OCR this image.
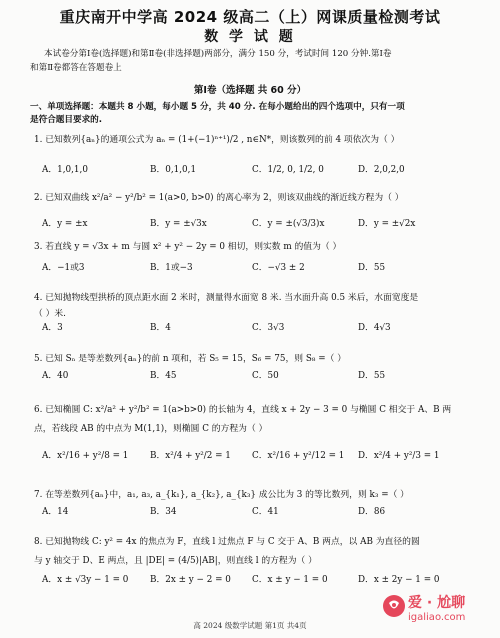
重庆南开中学高 2024 级高二（上）网课质量检测考试
数 学 试 题
本试卷分第Ⅰ卷(选择题)和第Ⅱ卷(非选择题)两部分，满分 150 分，考试时间 120 分钟.第Ⅰ卷
和第Ⅱ卷都答在答题卷上
第Ⅰ卷（选择题 共 60 分）
一、单项选择题：本题共 8 小题，每小题 5 分，共 40 分. 在每小题给出的四个选项中，只有一项
是符合题目要求的.
1. 已知数列{aₙ}的通项公式为 aₙ = (1+(−1)ⁿ⁺¹)/2 , n∈N*，则该数列的前 4 项依次为（ ）
A．1,0,1,0	B．0,1,0,1	C．1/2, 0, 1/2, 0	D．2,0,2,0
2. 已知双曲线 x²/a² − y²/b² = 1(a>0, b>0) 的离心率为 2，则该双曲线的渐近线方程为（ ）
A．y = ±x	B．y = ±√3x	C．y = ±(√3/3)x	D．y = ±√2x
3. 若直线 y = √3x + m 与圆 x² + y² − 2y = 0 相切，则实数 m 的值为（ ）
A．−1或3	B．1或−3	C．−√3 ± 2	D．55
4. 已知抛物线型拱桥的顶点距水面 2 米时，测量得水面宽 8 米. 当水面升高 0.5 米后，水面宽度是
（ ）米.
A．3	B．4	C．3√3	D．4√3
5. 已知 Sₙ 是等差数列{aₙ}的前 n 项和，若 S₅ = 15，S₆ = 75，则 S₈ =（ ）
A．40	B．45	C．50	D．55
6. 已知椭圆 C: x²/a² + y²/b² = 1(a>b>0) 的长轴为 4，直线 x + 2y − 3 = 0 与椭圆 C 相交于 A、B 两
点，若线段 AB 的中点为 M(1,1)，则椭圆 C 的方程为（ ）
A．x²/16 + y²/8 = 1 B．x²/4 + y²/2 = 1 C．x²/16 + y²/12 = 1 D．x²/4 + y²/3 = 1
7. 在等差数列{aₙ}中，a₁, a₃, a_{k₁}, a_{k₂}, a_{k₃} 成公比为 3 的等比数列，则 k₃ =（ ）
A．14	B．34	C．41	D．86
8. 已知抛物线 C: y² = 4x 的焦点为 F，直线 l 过焦点 F 与 C 交于 A、B 两点，以 AB 为直径的圆
与 y 轴交于 D、E 两点，且 |DE| = (4/5)|AB|，则直线 l 的方程为（ ）
A．x ± √3y − 1 = 0 B．2x ± y − 2 = 0 C．x ± y − 1 = 0	D．x ± 2y − 1 = 0
高 2024 级数学试题 第1页 共4页
爱 · 尬聊
igaliao.com
